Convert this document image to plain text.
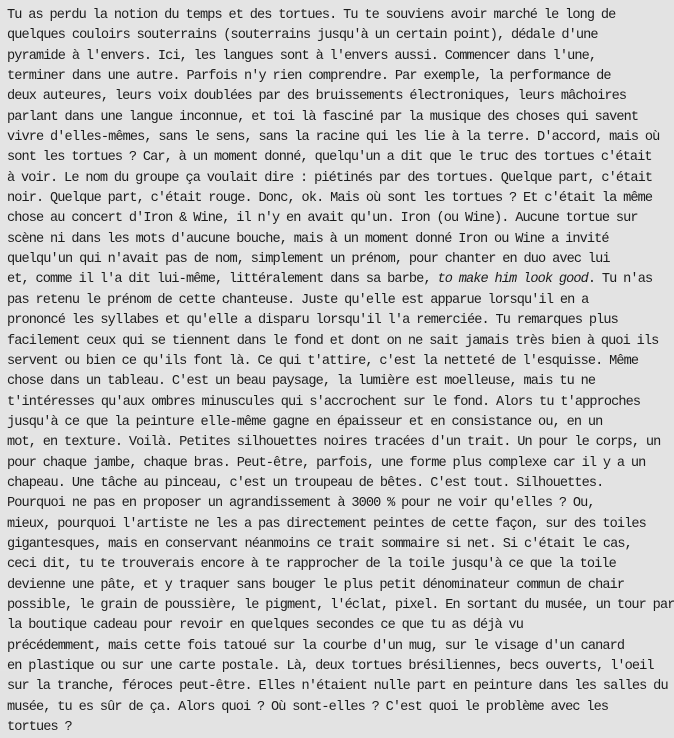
Tu as perdu la notion du temps et des tortues. Tu te souviens avoir marché le long de
quelques couloirs souterrains (souterrains jusqu'à un certain point), dédale d'une
pyramide à l'envers. Ici, les langues sont à l'envers aussi. Commencer dans l'une,
terminer dans une autre. Parfois n'y rien comprendre. Par exemple, la performance de
deux auteures, leurs voix doublées par des bruissements électroniques, leurs mâchoires
parlant dans une langue inconnue, et toi là fasciné par la musique des choses qui savent
vivre d'elles-mêmes, sans le sens, sans la racine qui les lie à la terre. D'accord, mais où
sont les tortues ? Car, à un moment donné, quelqu'un a dit que le truc des tortues c'était
à voir. Le nom du groupe ça voulait dire : piétinés par des tortues. Quelque part, c'était
noir. Quelque part, c'était rouge. Donc, ok. Mais où sont les tortues ? Et c'était la même
chose au concert d'Iron & Wine, il n'y en avait qu'un. Iron (ou Wine). Aucune tortue sur
scène ni dans les mots d'aucune bouche, mais à un moment donné Iron ou Wine a invité
quelqu'un qui n'avait pas de nom, simplement un prénom, pour chanter en duo avec lui
et, comme il l'a dit lui-même, littéralement dans sa barbe, to make him look good. Tu n'as
pas retenu le prénom de cette chanteuse. Juste qu'elle est apparue lorsqu'il en a
prononcé les syllabes et qu'elle a disparu lorsqu'il l'a remerciée. Tu remarques plus
facilement ceux qui se tiennent dans le fond et dont on ne sait jamais très bien à quoi ils
servent ou bien ce qu'ils font là. Ce qui t'attire, c'est la netteté de l'esquisse. Même
chose dans un tableau. C'est un beau paysage, la lumière est moelleuse, mais tu ne
t'intéresses qu'aux ombres minuscules qui s'accrochent sur le fond. Alors tu t'approches
jusqu'à ce que la peinture elle-même gagne en épaisseur et en consistance ou, en un
mot, en texture. Voilà. Petites silhouettes noires tracées d'un trait. Un pour le corps, un
pour chaque jambe, chaque bras. Peut-être, parfois, une forme plus complexe car il y a un
chapeau. Une tâche au pinceau, c'est un troupeau de bêtes. C'est tout. Silhouettes.
Pourquoi ne pas en proposer un agrandissement à 3000 % pour ne voir qu'elles ? Ou,
mieux, pourquoi l'artiste ne les a pas directement peintes de cette façon, sur des toiles
gigantesques, mais en conservant néanmoins ce trait sommaire si net. Si c'était le cas,
ceci dit, tu te trouverais encore à te rapprocher de la toile jusqu'à ce que la toile
devienne une pâte, et y traquer sans bouger le plus petit dénominateur commun de chair
possible, le grain de poussière, le pigment, l'éclat, pixel. En sortant du musée, un tour par
la boutique cadeau pour revoir en quelques secondes ce que tu as déjà vu
précédemment, mais cette fois tatoué sur la courbe d'un mug, sur le visage d'un canard
en plastique ou sur une carte postale. Là, deux tortues brésiliennes, becs ouverts, l'oeil
sur la tranche, féroces peut-être. Elles n'étaient nulle part en peinture dans les salles du
musée, tu es sûr de ça. Alors quoi ? Où sont-elles ? C'est quoi le problème avec les
tortues ?
